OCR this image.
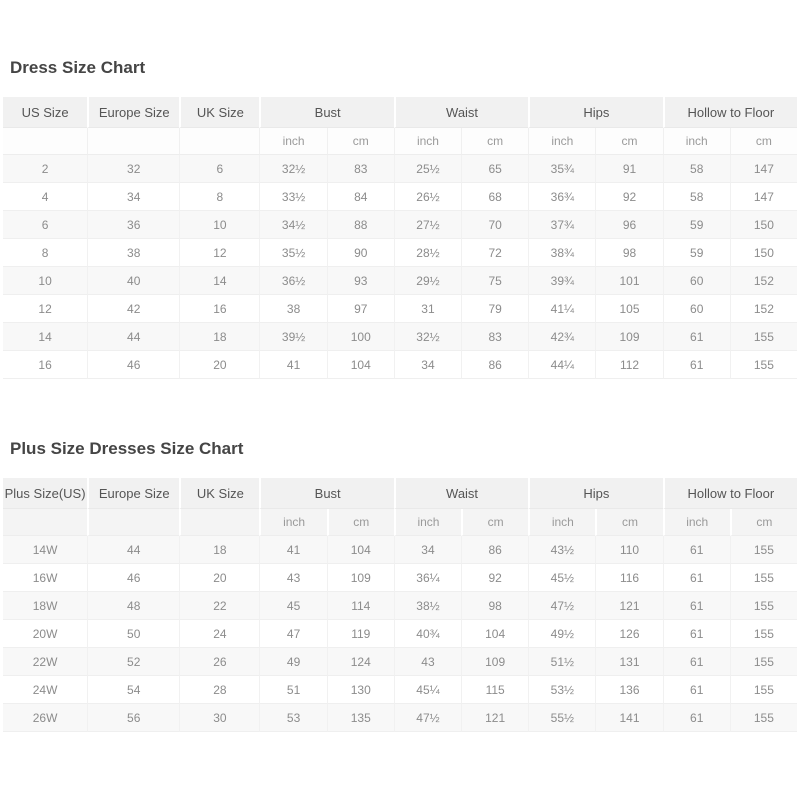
Dress Size Chart
US Size	Europe Size	UK Size	Bust		Waist		Hips		Hollow to Floor	
			inch	cm	inch	cm	inch	cm	inch	cm
2	32	6	32½	83	25½	65	35¾	91	58	147
4	34	8	33½	84	26½	68	36¾	92	58	147
6	36	10	34½	88	27½	70	37¾	96	59	150
8	38	12	35½	90	28½	72	38¾	98	59	150
10	40	14	36½	93	29½	75	39¾	101	60	152
12	42	16	38	97	31	79	41¼	105	60	152
14	44	18	39½	100	32½	83	42¾	109	61	155
16	46	20	41	104	34	86	44¼	112	61	155
Plus Size Dresses Size Chart
Plus Size(US)	Europe Size	UK Size	Bust		Waist		Hips		Hollow to Floor	
			inch	cm	inch	cm	inch	cm	inch	cm
14W	44	18	41	104	34	86	43½	110	61	155
16W	46	20	43	109	36¼	92	45½	116	61	155
18W	48	22	45	114	38½	98	47½	121	61	155
20W	50	24	47	119	40¾	104	49½	126	61	155
22W	52	26	49	124	43	109	51½	131	61	155
24W	54	28	51	130	45¼	115	53½	136	61	155
26W	56	30	53	135	47½	121	55½	141	61	155
